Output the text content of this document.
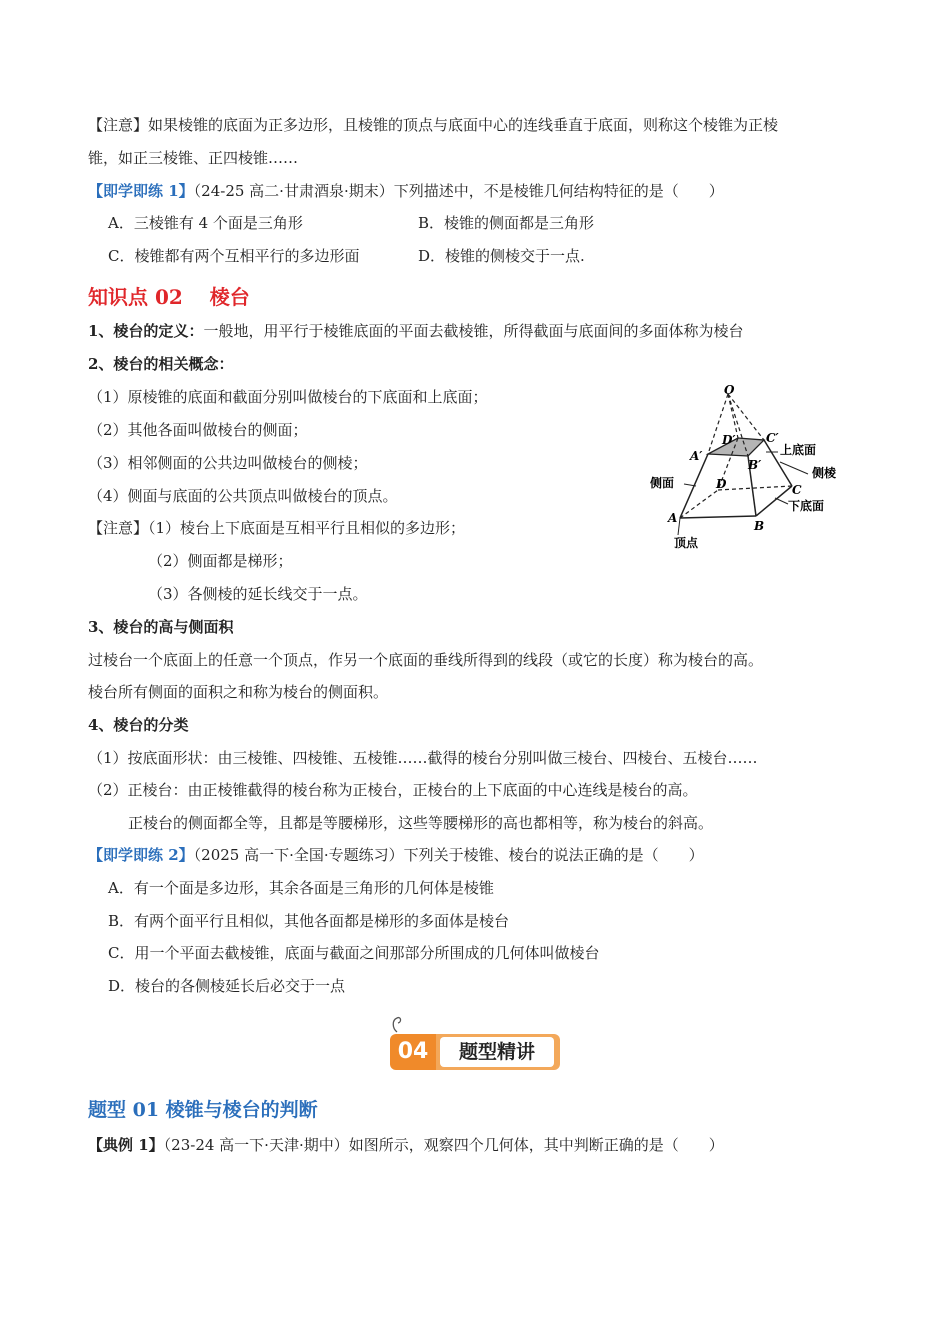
【注意】如果棱锥的底面为正多边形，且棱锥的顶点与底面中心的连线垂直于底面，则称这个棱锥为正棱
锥，如正三棱锥、正四棱锥……
【即学即练 1】（24-25 高二·甘肃酒泉·期末）下列描述中，不是棱锥几何结构特征的是（　　）
A．三棱锥有 4 个面是三角形	B．棱锥的侧面都是三角形
C．棱锥都有两个互相平行的多边形面	D．棱锥的侧棱交于一点.
知识点 02　 棱台
1、棱台的定义：一般地，用平行于棱锥底面的平面去截棱锥，所得截面与底面间的多面体称为棱台
2、棱台的相关概念：
（1）原棱锥的底面和截面分别叫做棱台的下底面和上底面；
（2）其他各面叫做棱台的侧面；
（3）相邻侧面的公共边叫做棱台的侧棱；
（4）侧面与底面的公共顶点叫做棱台的顶点。
【注意】（1）棱台上下底面是互相平行且相似的多边形；
（2）侧面都是梯形；
（3）各侧棱的延长线交于一点。
O
A′
D′	C′
B′
D	C
B
A
上底面
侧棱
下底面
侧面
顶点
3、棱台的高与侧面积
过棱台一个底面上的任意一个顶点，作另一个底面的垂线所得到的线段（或它的长度）称为棱台的高。
棱台所有侧面的面积之和称为棱台的侧面积。
4、棱台的分类
（1）按底面形状：由三棱锥、四棱锥、五棱锥……截得的棱台分别叫做三棱台、四棱台、五棱台……
（2）正棱台：由正棱锥截得的棱台称为正棱台，正棱台的上下底面的中心连线是棱台的高。
正棱台的侧面都全等，且都是等腰梯形，这些等腰梯形的高也都相等，称为棱台的斜高。
【即学即练 2】（2025 高一下·全国·专题练习）下列关于棱锥、棱台的说法正确的是（　　）
A．有一个面是多边形，其余各面是三角形的几何体是棱锥
B．有两个面平行且相似，其他各面都是梯形的多面体是棱台
C．用一个平面去截棱锥，底面与截面之间那部分所围成的几何体叫做棱台
D．棱台的各侧棱延长后必交于一点
04	题型精讲
题型 01 棱锥与棱台的判断
【典例 1】（23-24 高一下·天津·期中）如图所示，观察四个几何体，其中判断正确的是（　　）
